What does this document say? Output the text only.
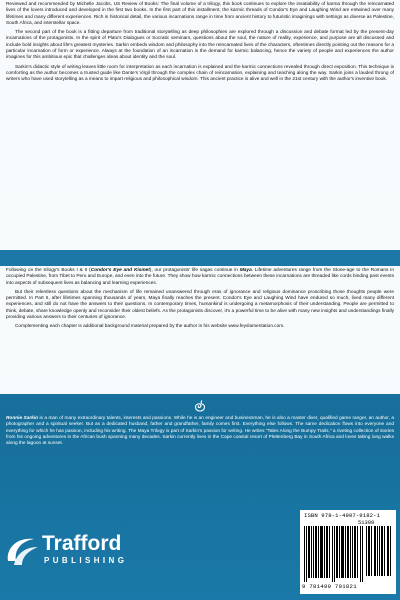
Reviewed and recommended by Michelle Jacobs, US Review of Books: The final volume of a trilogy, this book continues to explore the insatiability of karma through the reincarnated lives of the lovers introduced and developed in the first two books. In the first part of this installment, the karmic threads of Condor's Eye and Laughing Wind are entwined over many lifetimes and many different experiences. Rich in historical detail, the various incarnations range in time from ancient history to futuristic imaginings with settings as diverse as Palestine, South Africa, and interstellar space.

The second part of the book is a fitting departure from traditional storytelling as deep philosophies are explored through a discussion and debate format led by the present-day incarnations of the protagonists. In the spirit of Plato's Dialogues or Socratic seminars, questions about the soul, the nature of reality, experience, and purpose are all discussed and include bold insights about life's greatest mysteries. Sarkin embeds wisdom and philosophy into the reincarnated lives of the characters, oftentimes directly pointing out the reasons for a particular incarnation of form or experience. Always at the foundation of an incarnation is the demand for karmic balancing, hence the variety of people and experiences the author imagines for this ambitious epic that challenges ideas about identity and the soul.

Sarkin's didactic style of writing leaves little room for interpretation as each incarnation is explained and the karmic connections revealed through direct exposition. This technique is comforting as the author becomes a trusted guide like Dante's Virgil through the complex chain of reincarnation, explaining and teaching along the way. Sarkin joins a lauded throng of writers who have used storytelling as a means to impart religious and philosophical wisdom. This ancient practice is alive and well in the 21st century with the author's inventive book.

Following on the trilogy's Books I & II (Condor's Eye and Kismet), our protagonists' life sagas continue in Maya. Lifetime adventures range from the Stone-age to the Romans in occupied Palestine, from Tibet to Peru and Europe, and even into the future. They show how karmic connections between these incarnations are threaded like cords binding past events into aspects of subsequent lives as balancing and learning experiences.

But their relentless questions about the mechanism of life remained unanswered through eras of ignorance and religious dominance proscribing those thoughts people were permitted. In Part II, after lifetimes spanning thousands of years, Maya finally reaches the present. Condor's Eye and Laughing Wind have endured so much, lived many different experiences, and still do not have the answers to their questions. In contemporary times, humankind is undergoing a metamorphosis of their understanding. People are permitted to think, debate, share knowledge openly and reconsider their oldest beliefs. As the protagonists discover, it's a powerful time to be alive with many new insights and understandings finally providing various answers to their centuries of ignorance.

Complementing each chapter is additional background material prepared by the author in his website www.feyslamentation.com.

Ronnie Sarkin is a man of many extraordinary talents, interests and passions. While he is an engineer and businessman, he is also a master diver, qualified game ranger, an author, a photographer and a spiritual seeker. But as a dedicated husband, father and grandfather, family comes first. Everything else follows. The same dedication flows into everyone and everything for which he has passion, including his writing. The Maya Trilogy is part of Sarkin's passion for writing. He writes "Tales Along the Bumpy Trails," a riveting collection of stories from his ongoing adventures in the African bush spanning many decades. Sarkin currently lives in the Cape coastal resort of Plettenberg Bay in South Africa and loves taking long walks along the lagoon at sunset.

Trafford
PUBLISHING
ISBN 978-1-4907-9182-1
51399
9 781490 791821
